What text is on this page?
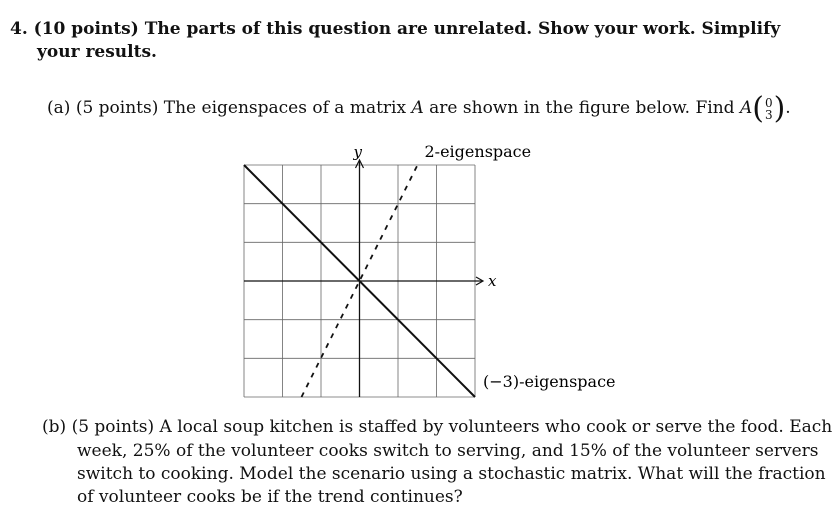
4. (10 points) The parts of this question are unrelated. Show your work. Simplify
your results.
(a) (5 points) The eigenspaces of a matrix A are shown in the figure below. Find A(0
3).
y
x
2-eigenspace
(−3)-eigenspace
(b) (5 points) A local soup kitchen is staffed by volunteers who cook or serve the food. Each
week, 25% of the volunteer cooks switch to serving, and 15% of the volunteer servers
switch to cooking. Model the scenario using a stochastic matrix. What will the fraction
of volunteer cooks be if the trend continues?
